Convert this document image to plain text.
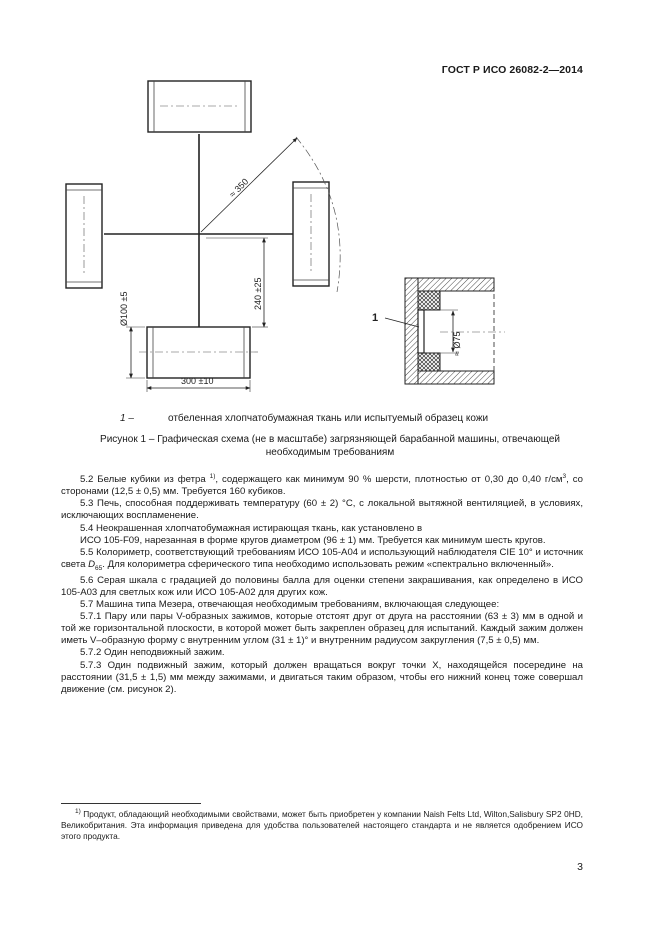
ГОСТ Р ИСО 26082-2—2014
≈ 350
240 ±25
Ø100 ±5
300 ±10
≈ Ø75
1
1 –	отбеленная хлопчатобумажная ткань или испытуемый образец кожи
Рисунок 1 – Графическая схема (не в масштабе) загрязняющей барабанной машины, отвечающей
необходимым требованиям

5.2 Белые кубики из фетра $^{1)}$, содержащего как минимум 90 % шерсти, плотностью от 0,30 до 0,40 $г/см^3$, со сторонами (12,5 ± 0,5) мм. Требуется 160 кубиков.

5.3 Печь, способная поддерживать температуру (60 ± 2) °С, с локальной вытяжной вентиляцией, в условиях, исключающих воспламенение.

5.4 Неокрашенная хлопчатобумажная истирающая ткань, как установлено в

ИСО 105-F09, нарезанная в форме кругов диаметром (96 ± 1) мм. Требуется как минимум шесть кругов.

5.5 Колориметр, соответствующий требованиям ИСО 105-A04 и использующий наблюдателя CIE 10° и источник света $D_{65}$. Для колориметра сферического типа необходимо использовать режим «спектрально включенный».

5.6 Серая шкала с градацией до половины балла для оценки степени закрашивания, как определено в ИСО 105-A03 для светлых кож или ИСО 105-A02 для других кож.

5.7 Машина типа Мезера, отвечающая необходимым требованиям, включающая следующее:

5.7.1 Пару или пары V-образных зажимов, которые отстоят друг от друга на расстоянии (63 ± 3) мм в одной и той же горизонтальной плоскости, в которой может быть закреплен образец для испытаний. Каждый зажим должен иметь V–образную форму с внутренним углом (31 ± 1)° и внутренним радиусом закругления (7,5 ± 0,5) мм.

5.7.2 Один неподвижный зажим.

5.7.3 Один подвижный зажим, который должен вращаться вокруг точки X, находящейся посередине на расстоянии (31,5 ± 1,5) мм между зажимами, и двигаться таким образом, чтобы его нижний конец тоже совершал движение (см. рисунок 2).

$^{1)}$ Продукт, обладающий необходимыми свойствами, может быть приобретен у компании Naish Felts Ltd, Wilton,Salisbury SP2 0HD, Великобритания. Эта информация приведена для удобства пользователей настоящего стандарта и не является одобрением ИСО этого продукта.

3
